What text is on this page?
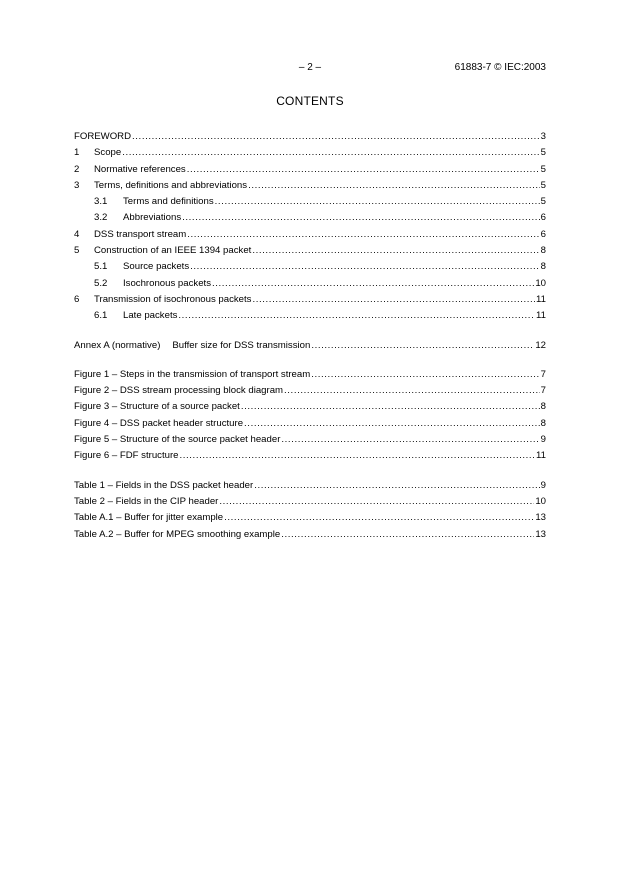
– 2 –	61883-7 © IEC:2003
CONTENTS
FOREWORD .....	3
1	Scope .....	5
2	Normative references .....	5
3	Terms, definitions and abbreviations .....	5
3.1	Terms and definitions .....	5
3.2	Abbreviations .....	6
4	DSS transport stream .....	6
5	Construction of an IEEE 1394 packet .....	8
5.1	Source packets .....	8
5.2	Isochronous packets .....	10
6	Transmission of isochronous packets .....	11
6.1	Late packets .....	11
Annex A (normative) Buffer size for DSS transmission .....	12
Figure 1 – Steps in the transmission of transport stream .....	7
Figure 2 – DSS stream processing block diagram .....	7
Figure 3 – Structure of a source packet .....	8
Figure 4 – DSS packet header structure .....	8
Figure 5 – Structure of the source packet header .....	9
Figure 6 – FDF structure .....	11
Table 1 – Fields in the DSS packet header .....	9
Table 2 – Fields in the CIP header .....	10
Table A.1 – Buffer for jitter example .....	13
Table A.2 – Buffer for MPEG smoothing example .....	13
